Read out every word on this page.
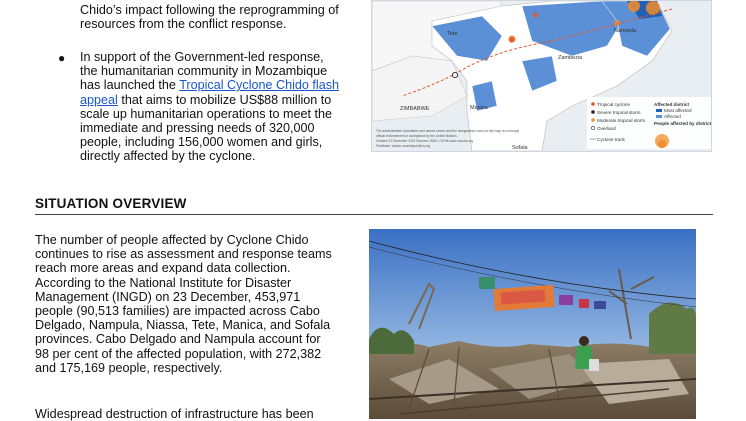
Chido’s impact following the reprogramming of

resources from the conflict response.

● In support of the Government-led response,

the humanitarian community in Mozambique

has launched the Tropical Cyclone Chido flash

appeal that aims to mobilize US$88 million to

scale up humanitarian operations to meet the

immediate and pressing needs of 320,000

people, including 156,000 women and girls,

directly affected by the cyclone.

✺
✺
Tete
ZIMBABWE	Manica
Sofala
Nampula
Zambezia
Tropical cyclone
Severe tropical storm
Moderate tropical storm
Overland
Cyclone track
Affected district
Most affected
Affected
People affected by district
The administrative boundaries and names shown and the designations used on this map do not imply
official endorsement or acceptance by the United Nations.
Created 23 December 2024 Sources: INGD, OCHA www.unocha.org
Feedback: ocham ozambique@un.org
SITUATION OVERVIEW

The number of people affected by Cyclone Chido

continues to rise as assessment and response teams

reach more areas and expand data collection.

According to the National Institute for Disaster

Management (INGD) on 23 December, 453,971

people (90,513 families) are impacted across Cabo

Delgado, Nampula, Niassa, Tete, Manica, and Sofala

provinces. Cabo Delgado and Nampula account for

98 per cent of the affected population, with 272,382

and 175,169 people, respectively.

Widespread destruction of infrastructure has been
